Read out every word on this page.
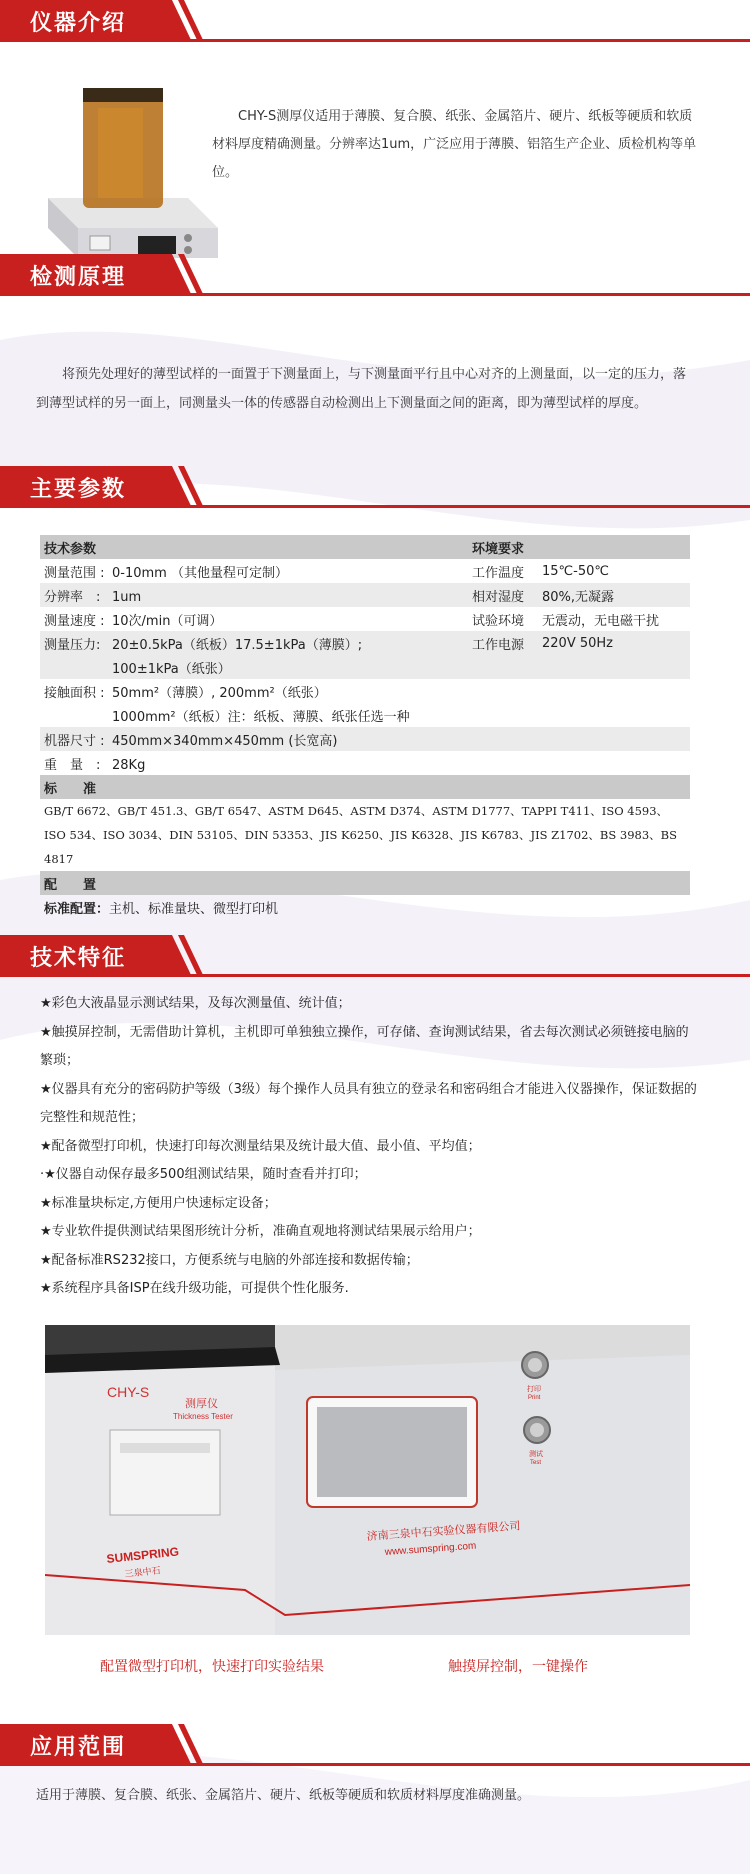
仪器介绍
CHY-S测厚仪适用于薄膜、复合膜、纸张、金属箔片、硬片、纸板等硬质和软质材料厚度精确测量。分辨率达1um，广泛应用于薄膜、铝箔生产企业、质检机构等单位。
检测原理
将预先处理好的薄型试样的一面置于下测量面上，与下测量面平行且中心对齐的上测量面，以一定的压力，落到薄型试样的另一面上，同测量头一体的传感器自动检测出上下测量面之间的距离，即为薄型试样的厚度。
主要参数
技术参数	环境要求	
测量范围 : 0-10mm （其他量程可定制）	工作温度	15℃-50℃
分辨率　: 1um	相对湿度	80%,无凝露
测量速度 : 10次/min（可调）	试验环境	无震动，无电磁干扰
测量压力: 20±0.5kPa（纸板）17.5±1kPa（薄膜）;	工作电源	220V 50Hz
100±1kPa（纸张）		
接触面积 : 50mm²（薄膜）, 200mm²（纸张）		
1000mm²（纸板）注：纸板、薄膜、纸张任选一种		
机器尺寸 : 450mm×340mm×450mm (长宽高)		
重　量　: 28Kg		
标　　准		
GB/T 6672、GB/T 451.3、GB/T 6547、ASTM D645、ASTM D374、ASTM D1777、TAPPI T411、ISO 4593、ISO 534、ISO 3034、DIN 53105、DIN 53353、JIS K6250、JIS K6328、JIS K6783、JIS Z1702、BS 3983、BS 4817		
配　　置		
标准配置：主机、标准量块、微型打印机		
技术特征
★彩色大液晶显示测试结果，及每次测量值、统计值；
★触摸屏控制，无需借助计算机，主机即可单独独立操作，可存储、查询测试结果，省去每次测试必须链接电脑的繁琐；
★仪器具有充分的密码防护等级（3级）每个操作人员具有独立的登录名和密码组合才能进入仪器操作，保证数据的完整性和规范性；
★配备微型打印机，快速打印每次测量结果及统计最大值、最小值、平均值；
·★仪器自动保存最多500组测试结果，随时查看并打印；
★标准量块标定,方便用户快速标定设备；
★专业软件提供测试结果图形统计分析，准确直观地将测试结果展示给用户；
★配备标准RS232接口，方便系统与电脑的外部连接和数据传输；
★系统程序具备ISP在线升级功能，可提供个性化服务.
CHY-S
测厚仪
Thickness Tester
SUMSPRING
三泉中石
济南三泉中石实验仪器有限公司
www.sumspring.com
打印
Print
测试
Test
配置微型打印机，快速打印实验结果	触摸屏控制，一键操作
应用范围
适用于薄膜、复合膜、纸张、金属箔片、硬片、纸板等硬质和软质材料厚度准确测量。
